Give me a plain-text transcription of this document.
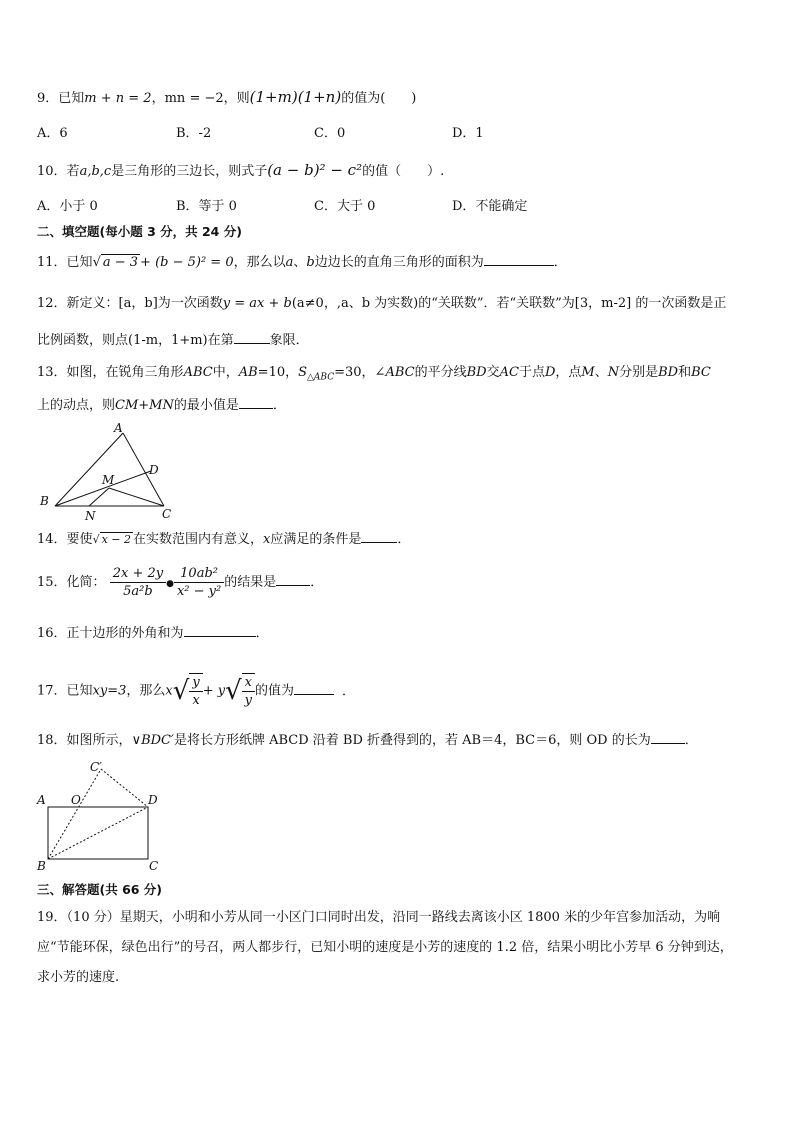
9．已知m + n = 2，mn = −2，则(1+m)(1+n)的值为(　　)
A．6	B．-2	C．0	D．1
10．若a,b,c是三角形的三边长，则式子(a − b)² − c²的值（　　）.
A．小于 0	B．等于 0	C．大于 0	D．不能确定
二、填空题(每小题 3 分，共 24 分)
11．已知√ a − 3 + (b − 5)² = 0，那么以a、b边边长的直角三角形的面积为	．
12．新定义：[a，b]为一次函数y = ax + b(a≠0，,a、b 为实数)的“关联数”．若“关联数”为[3，m-2] 的一次函数是正
比例函数，则点(1-m，1+m)在第	象限．
13．如图，在锐角三角形ABC中，AB=10，$S_{\triangle ABC}=30$，∠ABC的平分线BD交AC于点D，点M、N分别是BD和BC
上的动点，则CM+MN的最小值是	．
A
B
C
D
M
N
14．要使√ x − 2 在实数范围内有意义，x应满足的条件是	．
15．化简： $\frac{2x + 2y}{\text{5a²b}}$ ● $\frac{\text{10ab²}}{\text{x² − y²}}$ 的结果是	．
16．正十边形的外角和为	．
17．已知xy=3，那么$x√ \frac{y}{x} + y√ \frac{x}{y}$ 的值为	．
18．如图所示，∨BDC′是将长方形纸牌 ABCD 沿着 BD 折叠得到的，若 AB＝4，BC＝6，则 OD 的长为	．
A O	D
C′
B	C
三、解答题(共 66 分)
19．（10 分）星期天，小明和小芳从同一小区门口同时出发，沿同一路线去离该小区 1800 米的少年宫参加活动，为响
应“节能环保，绿色出行”的号召，两人都步行，已知小明的速度是小芳的速度的 1.2 倍，结果小明比小芳早 6 分钟到达，
求小芳的速度.
